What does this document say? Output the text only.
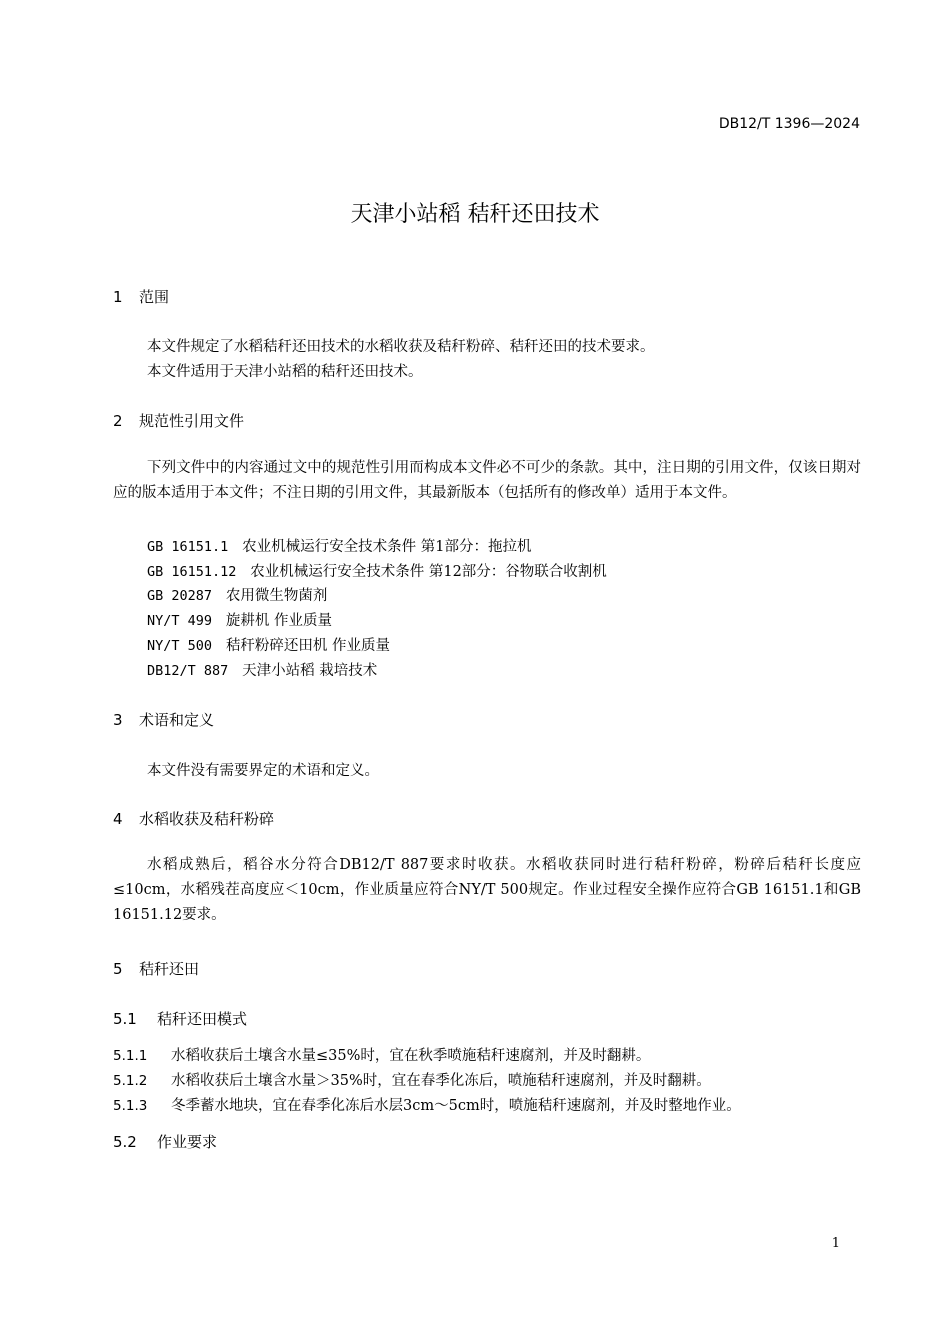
DB12/T 1396—2024
天津小站稻 秸秆还田技术
1 范围
本文件规定了水稻秸秆还田技术的水稻收获及秸秆粉碎、秸秆还田的技术要求。
本文件适用于天津小站稻的秸秆还田技术。
2 规范性引用文件
下列文件中的内容通过文中的规范性引用而构成本文件必不可少的条款。其中，注日期的引用文件，仅该日期对应的版本适用于本文件；不注日期的引用文件，其最新版本（包括所有的修改单）适用于本文件。
GB 16151.1 农业机械运行安全技术条件 第1部分：拖拉机
GB 16151.12 农业机械运行安全技术条件 第12部分：谷物联合收割机
GB 20287 农用微生物菌剂
NY/T 499 旋耕机 作业质量
NY/T 500 秸秆粉碎还田机 作业质量
DB12/T 887 天津小站稻 栽培技术
3 术语和定义
本文件没有需要界定的术语和定义。
4 水稻收获及秸秆粉碎
水稻成熟后，稻谷水分符合DB12/T 887要求时收获。水稻收获同时进行秸秆粉碎，粉碎后秸秆长度应≤10cm，水稻残茬高度应＜10cm，作业质量应符合NY/T 500规定。作业过程安全操作应符合GB 16151.1和GB 16151.12要求。
5 秸秆还田
5.1 秸秆还田模式
5.1.1 水稻收获后土壤含水量≤35%时，宜在秋季喷施秸秆速腐剂，并及时翻耕。
5.1.2 水稻收获后土壤含水量＞35%时，宜在春季化冻后，喷施秸秆速腐剂，并及时翻耕。
5.1.3 冬季蓄水地块，宜在春季化冻后水层3cm～5cm时，喷施秸秆速腐剂，并及时整地作业。
5.2 作业要求
1
